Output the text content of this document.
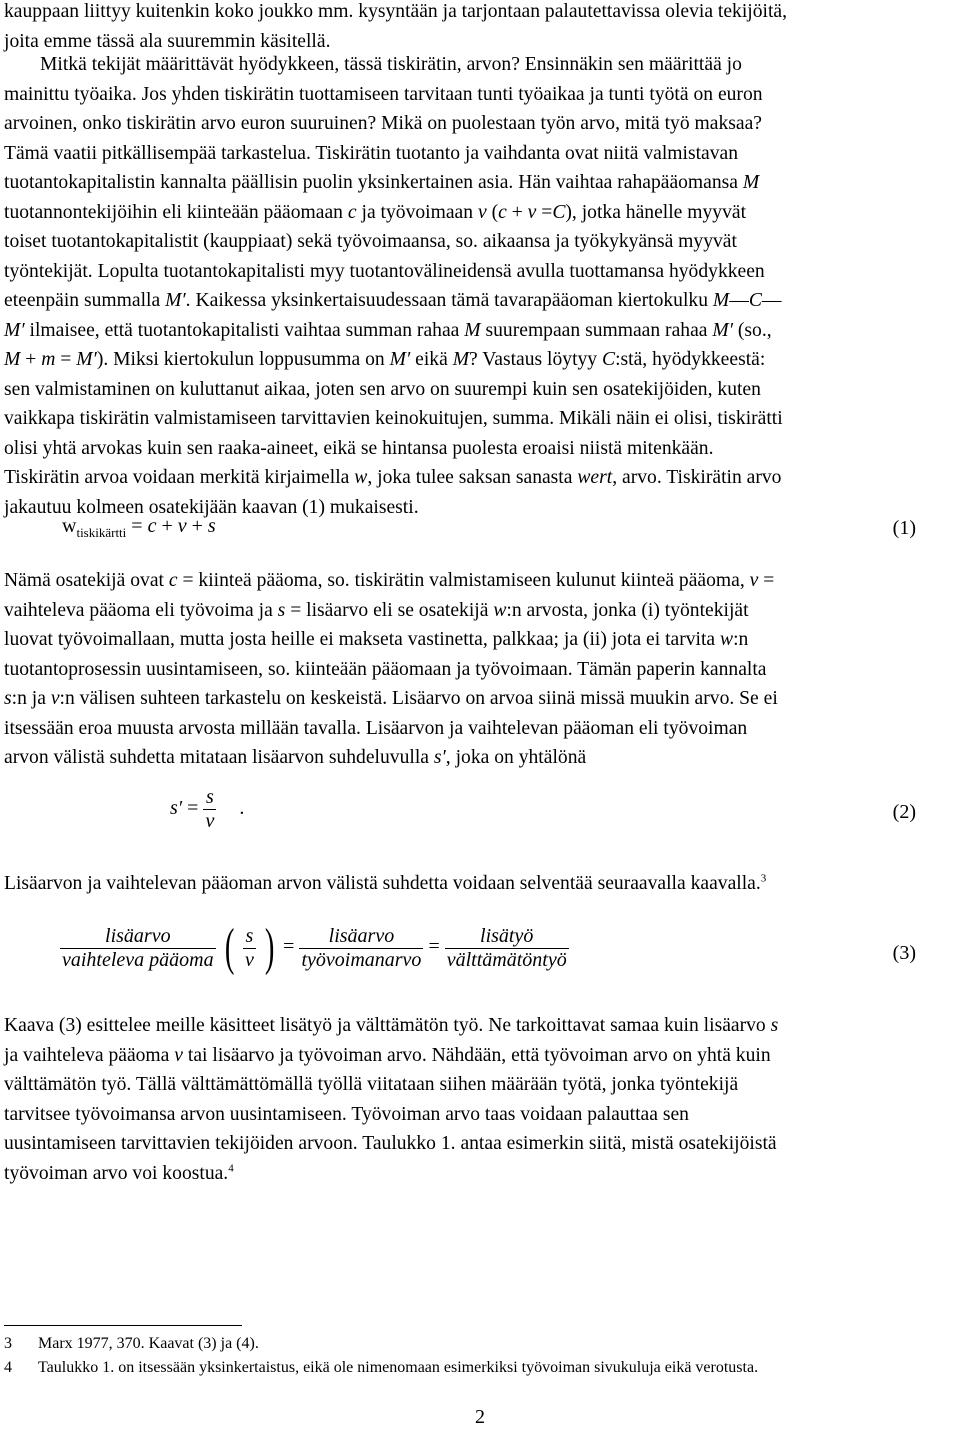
kauppaan liittyy kuitenkin koko joukko mm. kysyntään ja tarjontaan palautettavissa olevia tekijöitä,
joita emme tässä ala suuremmin käsitellä.
Mitkä tekijät määrittävät hyödykkeen, tässä tiskirätin, arvon? Ensinnäkin sen määrittää jo
mainittu työaika. Jos yhden tiskirätin tuottamiseen tarvitaan tunti työaikaa ja tunti työtä on euron
arvoinen, onko tiskirätin arvo euron suuruinen? Mikä on puolestaan työn arvo, mitä työ maksaa?
Tämä vaatii pitkällisempää tarkastelua. Tiskirätin tuotanto ja vaihdanta ovat niitä valmistavan
tuotantokapitalistin kannalta päällisin puolin yksinkertainen asia. Hän vaihtaa rahapääomansa M
tuotannontekijöihin eli kiinteään pääomaan c ja työvoimaan v (c + v =C), jotka hänelle myyvät
toiset tuotantokapitalistit (kauppiaat) sekä työvoimaansa, so. aikaansa ja työkykyänsä myyvät
työntekijät. Lopulta tuotantokapitalisti myy tuotantovälineidensä avulla tuottamansa hyödykkeen
eteenpäin summalla M′. Kaikessa yksinkertaisuudessaan tämä tavarapääoman kiertokulku M—C—
M′ ilmaisee, että tuotantokapitalisti vaihtaa summan rahaa M suurempaan summaan rahaa M′ (so.,
M + m = M′). Miksi kiertokulun loppusumma on M′ eikä M? Vastaus löytyy C:stä, hyödykkeestä:
sen valmistaminen on kuluttanut aikaa, joten sen arvo on suurempi kuin sen osatekijöiden, kuten
vaikkapa tiskirätin valmistamiseen tarvittavien keinokuitujen, summa. Mikäli näin ei olisi, tiskirätti
olisi yhtä arvokas kuin sen raaka-aineet, eikä se hintansa puolesta eroaisi niistä mitenkään.
Tiskirätin arvoa voidaan merkitä kirjaimella w, joka tulee saksan sanasta wert, arvo. Tiskirätin arvo
jakautuu kolmeen osatekijään kaavan (1) mukaisesti.
$w_{tiskikärtti} = c + v + s$	(1)
Nämä osatekijä ovat c = kiinteä pääoma, so. tiskirätin valmistamiseen kulunut kiinteä pääoma, v =
vaihteleva pääoma eli työvoima ja s = lisäarvo eli se osatekijä w:n arvosta, jonka (i) työntekijät
luovat työvoimallaan, mutta josta heille ei makseta vastinetta, palkkaa; ja (ii) jota ei tarvita w:n
tuotantoprosessin uusintamiseen, so. kiinteään pääomaan ja työvoimaan. Tämän paperin kannalta
s:n ja v:n välisen suhteen tarkastelu on keskeistä. Lisäarvo on arvoa siinä missä muukin arvo. Se ei
itsessään eroa muusta arvosta millään tavalla. Lisäarvon ja vaihtelevan pääoman eli työvoiman
arvon välistä suhdetta mitataan lisäarvon suhdeluvulla s′, joka on yhtälönä
$s' = \frac{s}{v}$ .	(2)
Lisäarvon ja vaihtelevan pääoman arvon välistä suhdetta voidaan selventää seuraavalla kaavalla.$^3$
$\frac{\text{lisäarvo}}{\text{vaihteleva pääoma}}$ ( $\frac{s}{v}$ ) = $\frac{\text{lisäarvo}}{\text{työvoimanarvo}} = \frac{\text{lisätyö}}{\text{välttämätöntyö}}$	(3)
Kaava (3) esittelee meille käsitteet lisätyö ja välttämätön työ. Ne tarkoittavat samaa kuin lisäarvo s
ja vaihteleva pääoma v tai lisäarvo ja työvoiman arvo. Nähdään, että työvoiman arvo on yhtä kuin
välttämätön työ. Tällä välttämättömällä työllä viitataan siihen määrään työtä, jonka työntekijä
tarvitsee työvoimansa arvon uusintamiseen. Työvoiman arvo taas voidaan palauttaa sen
uusintamiseen tarvittavien tekijöiden arvoon. Taulukko 1. antaa esimerkin siitä, mistä osatekijöistä
työvoiman arvo voi koostua.$^4$
3 Marx 1977, 370. Kaavat (3) ja (4).
4 Taulukko 1. on itsessään yksinkertaistus, eikä ole nimenomaan esimerkiksi työvoiman sivukuluja eikä verotusta.
2
